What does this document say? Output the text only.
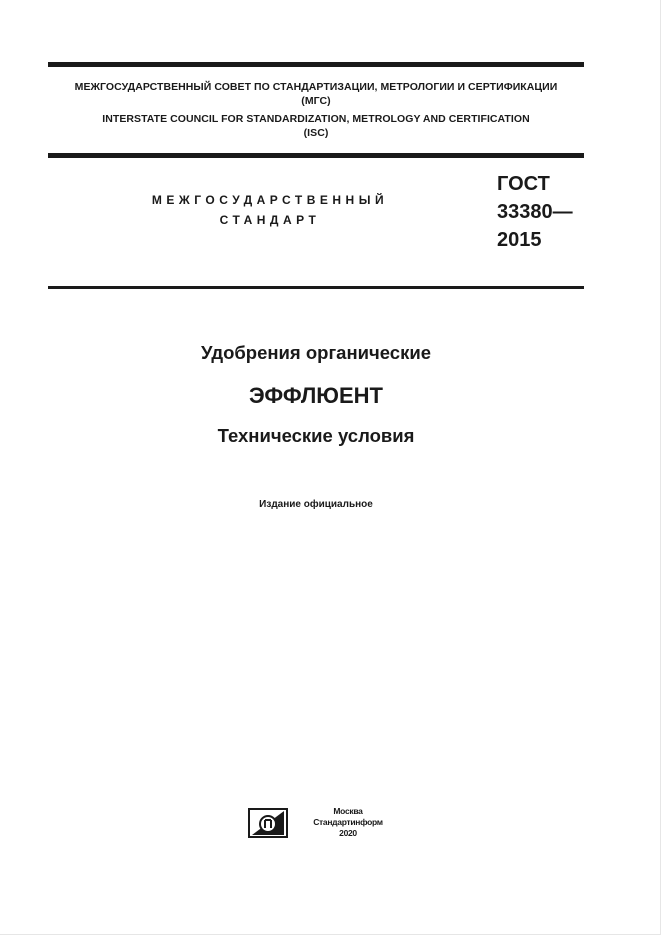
МЕЖГОСУДАРСТВЕННЫЙ СОВЕТ ПО СТАНДАРТИЗАЦИИ, МЕТРОЛОГИИ И СЕРТИФИКАЦИИ
(МГС)
INTERSTATE COUNCIL FOR STANDARDIZATION, METROLOGY AND CERTIFICATION
(ISC)
МЕЖГОСУДАРСТВЕННЫЙ
СТАНДАРТ
ГОСТ
33380—
2015
Удобрения органические
ЭФФЛЮЕНТ
Технические условия
Издание официальное
Москва
Стандартинформ
2020
